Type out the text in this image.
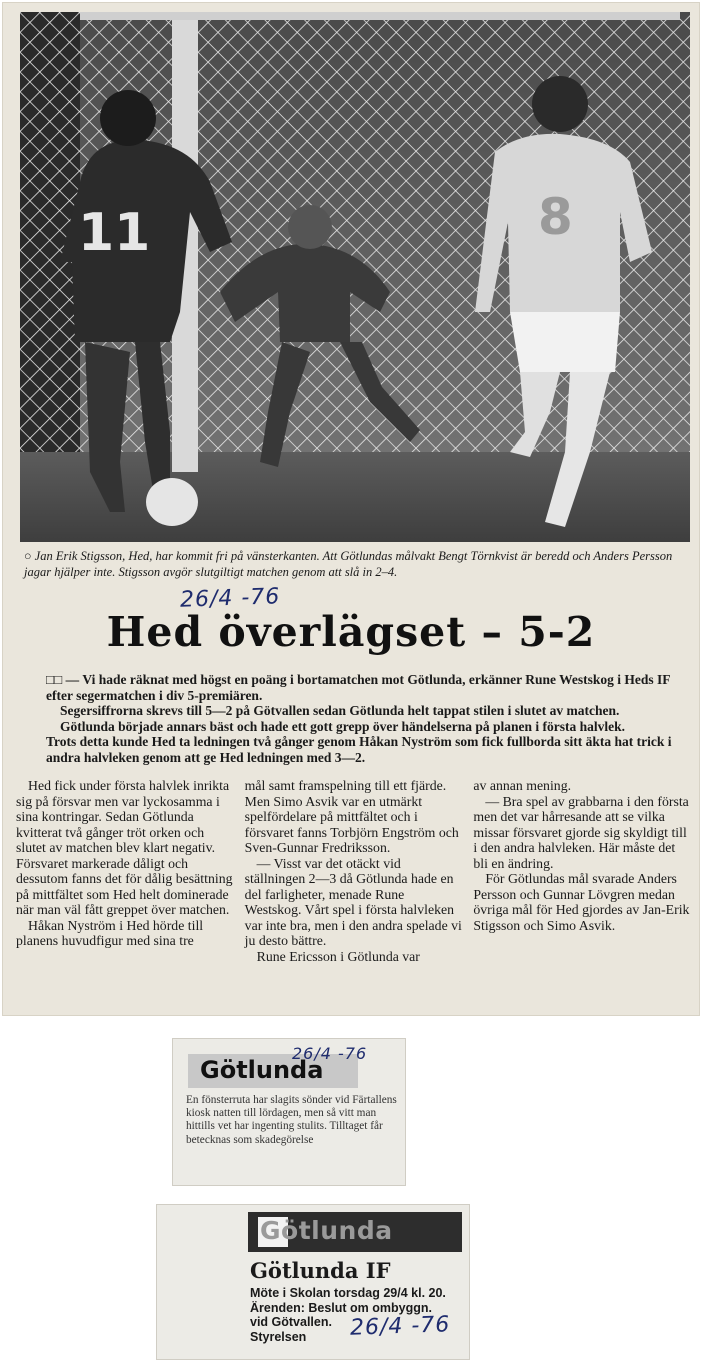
11	8
○ Jan Erik Stigsson, Hed, har kommit fri på vänsterkanten. Att Götlundas målvakt Bengt Törnkvist är beredd och Anders Persson jagar hjälper inte. Stigsson avgör slutgiltigt matchen genom att slå in 2–4.
26/4 -76
Hed överlägset – 5-2

□□ — Vi hade räknat med högst en poäng i bortamatchen mot Götlunda, erkänner Rune Westskog i Heds IF efter segermatchen i div 5-premiären.

Segersiffrorna skrevs till 5—2 på Götvallen sedan Götlunda helt tappat stilen i slutet av matchen.

Götlunda började annars bäst och hade ett gott grepp över händelserna på planen i första halvlek.

Trots detta kunde Hed ta ledningen två gånger genom Håkan Nyström som fick fullborda sitt äkta hat trick i andra halvleken genom att ge Hed ledningen med 3—2.

Hed fick under första halvlek inrikta sig på försvar men var lyckosamma i sina kontringar. Sedan Götlunda kvitterat två gånger tröt orken och slutet av matchen blev klart negativ. Försvaret markerade dåligt och dessutom fanns det för dålig besättning på mittfältet som Hed helt dominerade när man väl fått greppet över matchen.

Håkan Nyström i Hed hörde till planens huvudfigur med sina tre

mål samt framspelning till ett fjärde. Men Simo Asvik var en utmärkt spelfördelare på mittfältet och i försvaret fanns Torbjörn Engström och Sven-Gunnar Fredriksson.

— Visst var det otäckt vid ställningen 2—3 då Götlunda hade en del farligheter, menade Rune Westskog. Vårt spel i första halvleken var inte bra, men i den andra spelade vi ju desto bättre.

Rune Ericsson i Götlunda var

av annan mening.

— Bra spel av grabbarna i den första men det var hårresande att se vilka missar försvaret gjorde sig skyldigt till i den andra halvleken. Här måste det bli en ändring.

För Götlundas mål svarade Anders Persson och Gunnar Lövgren medan övriga mål för Hed gjordes av Jan-Erik Stigsson och Simo Asvik.

Götlunda
26/4 -76
En fönsterruta har slagits sönder vid Färtallens kiosk natten till lördagen, men så vitt man hittills vet har ingenting stulits. Tilltaget får betecknas som skadegörelse
Götlunda
Götlunda IF
Möte i Skolan torsdag 29/4 kl. 20.
Ärenden: Beslut om ombyggn.
vid Götvallen.
Styrelsen	26/4 -76
